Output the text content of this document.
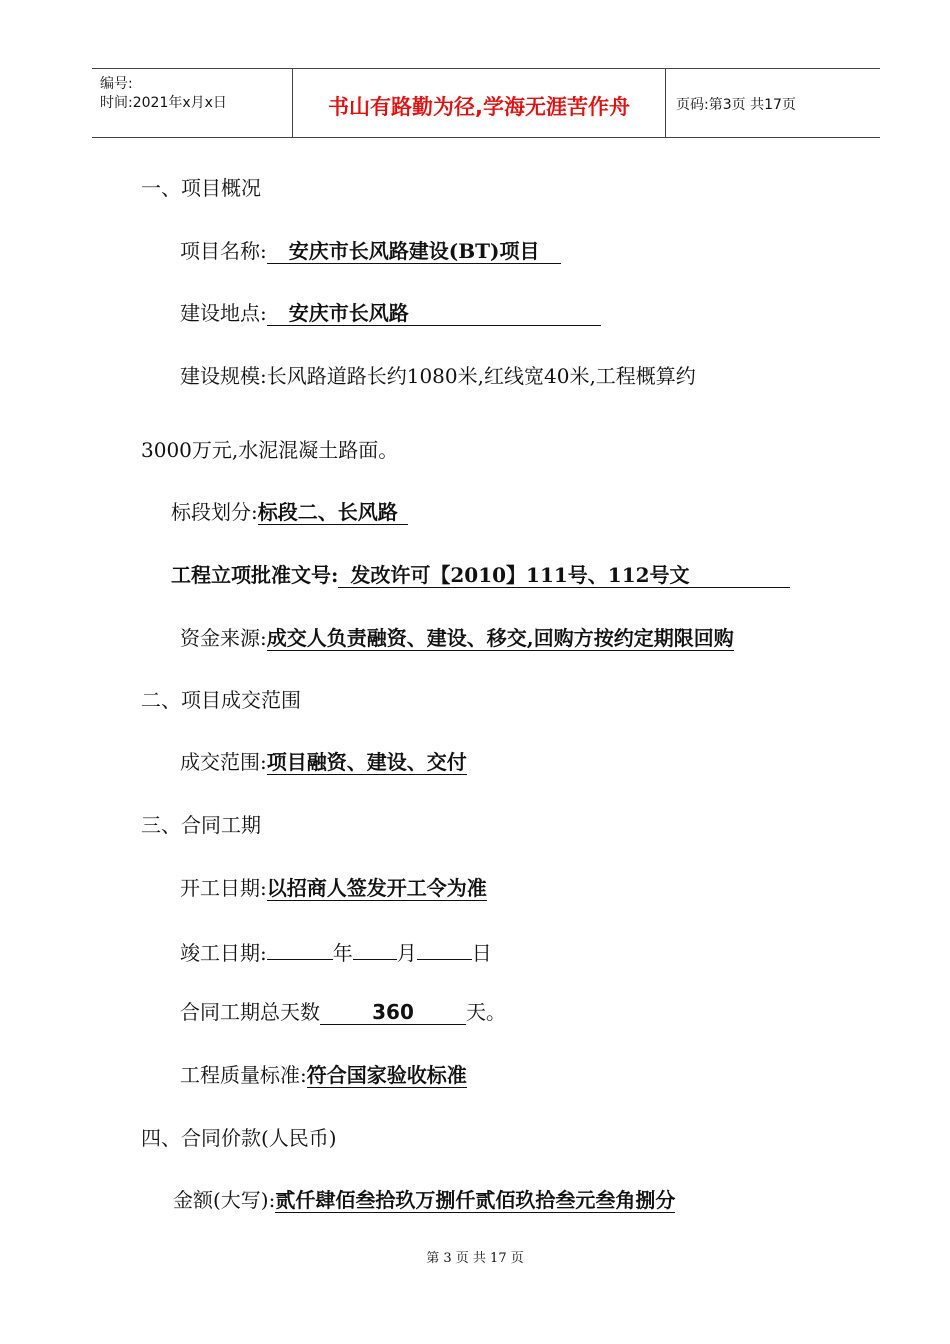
编号:
时间:2021年x月x日	书山有路勤为径,学海无涯苦作舟	页码:第3页 共17页
一、项目概况
项目名称: 安庆市长风路建设(BT)项目
建设地点: 安庆市长风路
建设规模:长风路道路长约1080米,红线宽40米,工程概算约
3000万元,水泥混凝土路面。
标段划分:标段二、长风路
工程立项批准文号: 发改许可【2010】111号、112号文
资金来源:成交人负责融资、建设、移交,回购方按约定期限回购
二、项目成交范围
成交范围:项目融资、建设、交付
三、合同工期
开工日期:以招商人签发开工令为准
竣工日期:	年 月	日
合同工期总天数	360	天。
工程质量标准:符合国家验收标准
四、合同价款(人民币)
金额(大写):贰仟肆佰叁拾玖万捌仟贰佰玖拾叁元叁角捌分
第 3 页 共 17 页
